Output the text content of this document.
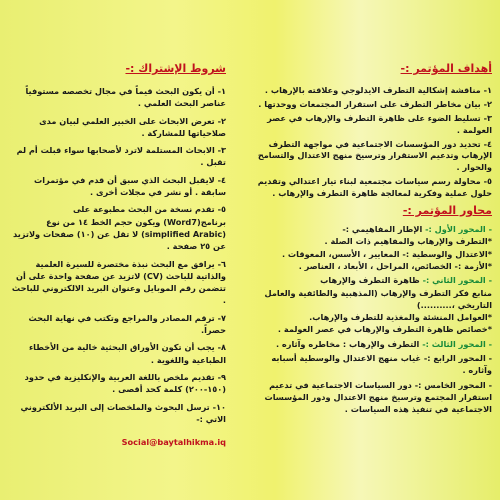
أهداف المؤتمر :-
١- مناقشة إشكالية التطرف الايدلوجي وعلاقته بالإرهاب .
٢- بيان مخاطر التطرف على استقرار المجتمعات ووحدتها .
٣- تسليط الضوء على ظاهرة التطرف والإرهاب في عصر العولمة .
٤- تحديد دور المؤسسات الاجتماعية في مواجهة التطرف الإرهاب وتدعيم الاستقرار وترسيخ منهج الاعتدال والتسامح والحوار .
٥- محاولة رسم سياسات مجتمعية لبناء تيار اعتدالي وتقديم حلول عملية وفكرية لمعالجة ظاهرة التطرف والإرهاب .
محاور المؤتمر :-
- المحور الأول :- الإطار المفاهيمي :-
*التطرف والإرهاب والمفاهيم ذات الصلة .
*الاعتدال والوسطية :- المعايير ، الأسس، المعوقات .
*الأزمة :- الخصائص، المراحل ، الأبعاد ، العناصر .
- المحور الثاني :- ظاهرة التطرف والإرهاب
منابع فكر التطرف والإرهاب (المذهبية والطائفية والعامل التاريخي ،..........)
*العوامل المنشئة والمغذية للتطرف والإرهاب.
*خصائص ظاهرة التطرف والإرهاب في عصر العولمة .
- المحور الثالث :- التطرف والإرهاب : مخاطره وآثاره .
- المحور الرابع :- غياب منهج الاعتدال والوسطية أسبابه وآثاره .
- المحور الخامس :- دور السياسات الاجتماعية في تدعيم استقرار المجتمع وترسيخ منهج الاعتدال ودور المؤسسات الاجتماعية في تنفيذ هذه السياسات .
شروط الإشتراك :-
١- أن يكون البحث قيماً في مجال تخصصه مستوفياً عناصر البحث العلمي .
٢- تعرض الابحاث على الخبير العلمي لبيان مدى صلاحياتها للمشاركة .
٣- الابحاث المستلمة لاترد لأصحابها سواء قبلت أم لم تقبل .
٤- لايقبل البحث الذي سبق أن قدم في مؤتمرات سابقة . أو نشر في مجلات أخرى .
٥- تقدم نسخة من البحث مطبوعة على برنامج(Word7) ويكون حجم الخط ١٤ من نوع (simplified Arabic) لا تقل عن (١٠) صفحات ولاتزيد عن ٢٥ صفحة .
٦- يرافق مع البحث نبذة مختصرة للسيرة العلمية والذاتية للباحث (CV) لاتزيد عن صفحة واحدة على أن تتضمن رقم الموبايل وعنوان البريد الالكتروني للباحث .
٧- ترقم المصادر والمراجع وتكتب في نهاية البحث حصراً.
٨- يجب أن تكون الأوراق البحثية خالية من الأخطاء الطباعية واللغوية .
٩- تقديم ملخص باللغة العربية والإنكليزية في حدود (١٥٠-٢٠٠) كلمة كحد أقصى .
١٠- ترسل البحوث والملخصات إلى البريد الألكتروني الاتي :-
Social@baytalhikma.iq
